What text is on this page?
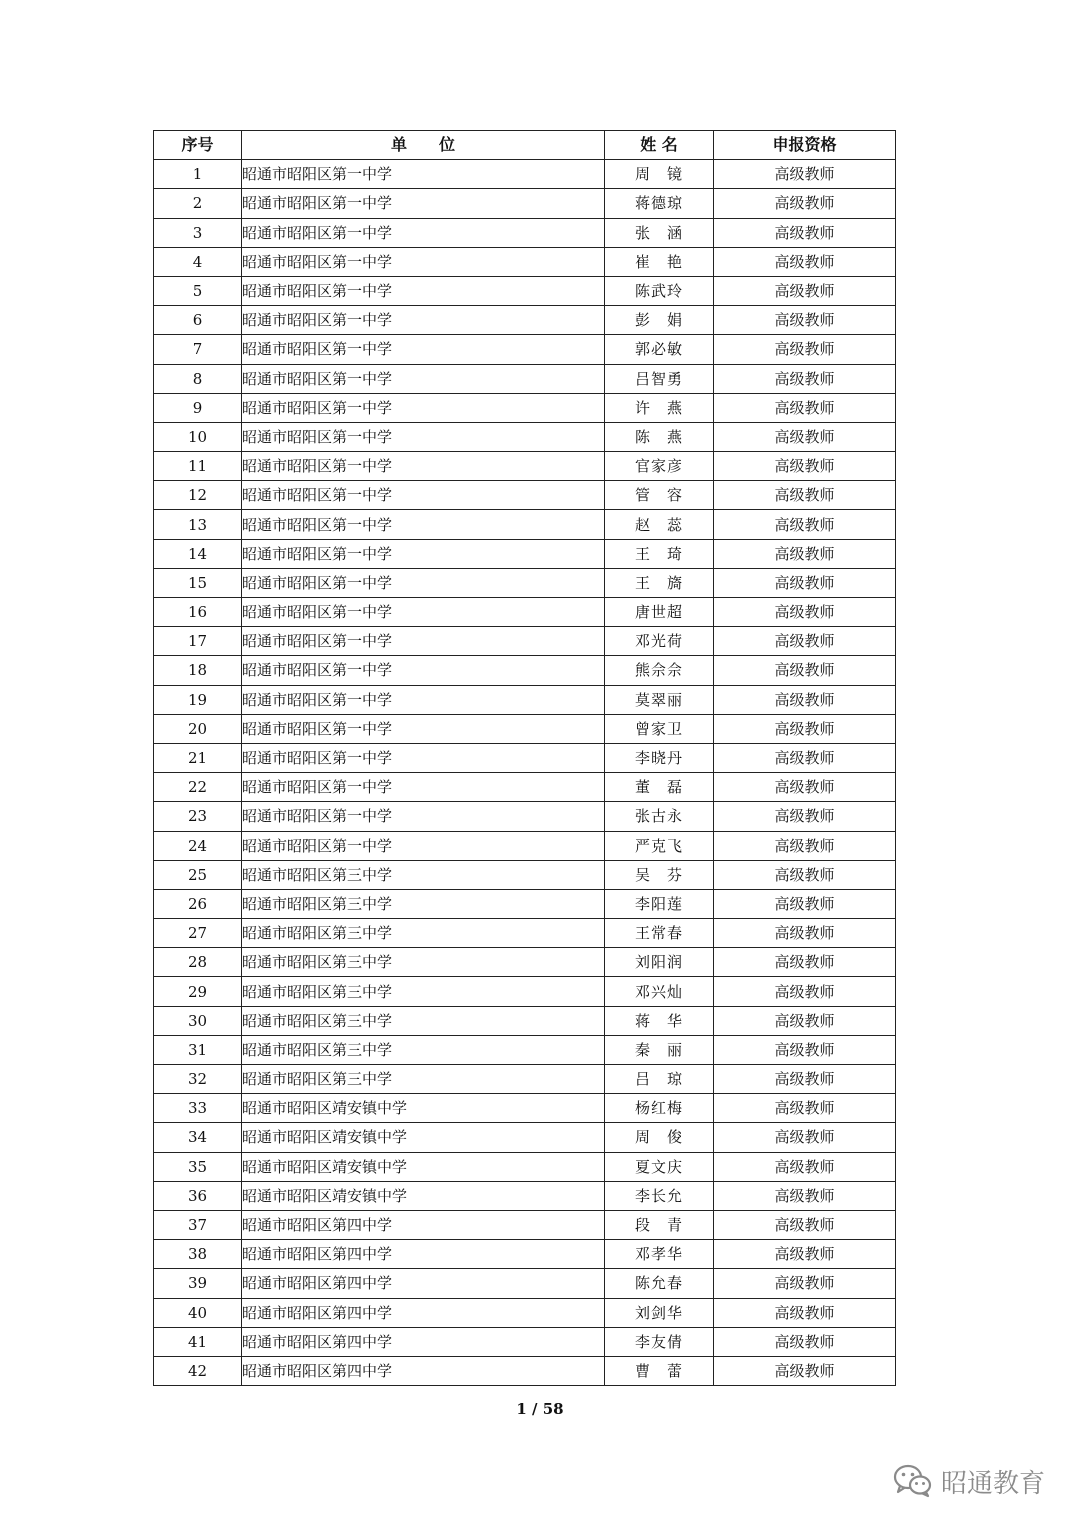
序号	单　　位	姓 名	申报资格
1	昭通市昭阳区第一中学	周　镜	高级教师
2	昭通市昭阳区第一中学	蒋德琼	高级教师
3	昭通市昭阳区第一中学	张　涵	高级教师
4	昭通市昭阳区第一中学	崔　艳	高级教师
5	昭通市昭阳区第一中学	陈武玲	高级教师
6	昭通市昭阳区第一中学	彭　娟	高级教师
7	昭通市昭阳区第一中学	郭必敏	高级教师
8	昭通市昭阳区第一中学	吕智勇	高级教师
9	昭通市昭阳区第一中学	许　燕	高级教师
10	昭通市昭阳区第一中学	陈　燕	高级教师
11	昭通市昭阳区第一中学	官家彦	高级教师
12	昭通市昭阳区第一中学	管　容	高级教师
13	昭通市昭阳区第一中学	赵　蕊	高级教师
14	昭通市昭阳区第一中学	王　琦	高级教师
15	昭通市昭阳区第一中学	王　旖	高级教师
16	昭通市昭阳区第一中学	唐世超	高级教师
17	昭通市昭阳区第一中学	邓光荷	高级教师
18	昭通市昭阳区第一中学	熊佘佘	高级教师
19	昭通市昭阳区第一中学	莫翠丽	高级教师
20	昭通市昭阳区第一中学	曾家卫	高级教师
21	昭通市昭阳区第一中学	李晓丹	高级教师
22	昭通市昭阳区第一中学	董　磊	高级教师
23	昭通市昭阳区第一中学	张古永	高级教师
24	昭通市昭阳区第一中学	严克飞	高级教师
25	昭通市昭阳区第三中学	吴　芬	高级教师
26	昭通市昭阳区第三中学	李阳莲	高级教师
27	昭通市昭阳区第三中学	王常春	高级教师
28	昭通市昭阳区第三中学	刘阳润	高级教师
29	昭通市昭阳区第三中学	邓兴灿	高级教师
30	昭通市昭阳区第三中学	蒋　华	高级教师
31	昭通市昭阳区第三中学	秦　丽	高级教师
32	昭通市昭阳区第三中学	吕　琼	高级教师
33	昭通市昭阳区靖安镇中学	杨红梅	高级教师
34	昭通市昭阳区靖安镇中学	周　俊	高级教师
35	昭通市昭阳区靖安镇中学	夏文庆	高级教师
36	昭通市昭阳区靖安镇中学	李长允	高级教师
37	昭通市昭阳区第四中学	段　青	高级教师
38	昭通市昭阳区第四中学	邓孝华	高级教师
39	昭通市昭阳区第四中学	陈允春	高级教师
40	昭通市昭阳区第四中学	刘剑华	高级教师
41	昭通市昭阳区第四中学	李友倩	高级教师
42	昭通市昭阳区第四中学	曹　蕾	高级教师
1 / 58
昭通教育
